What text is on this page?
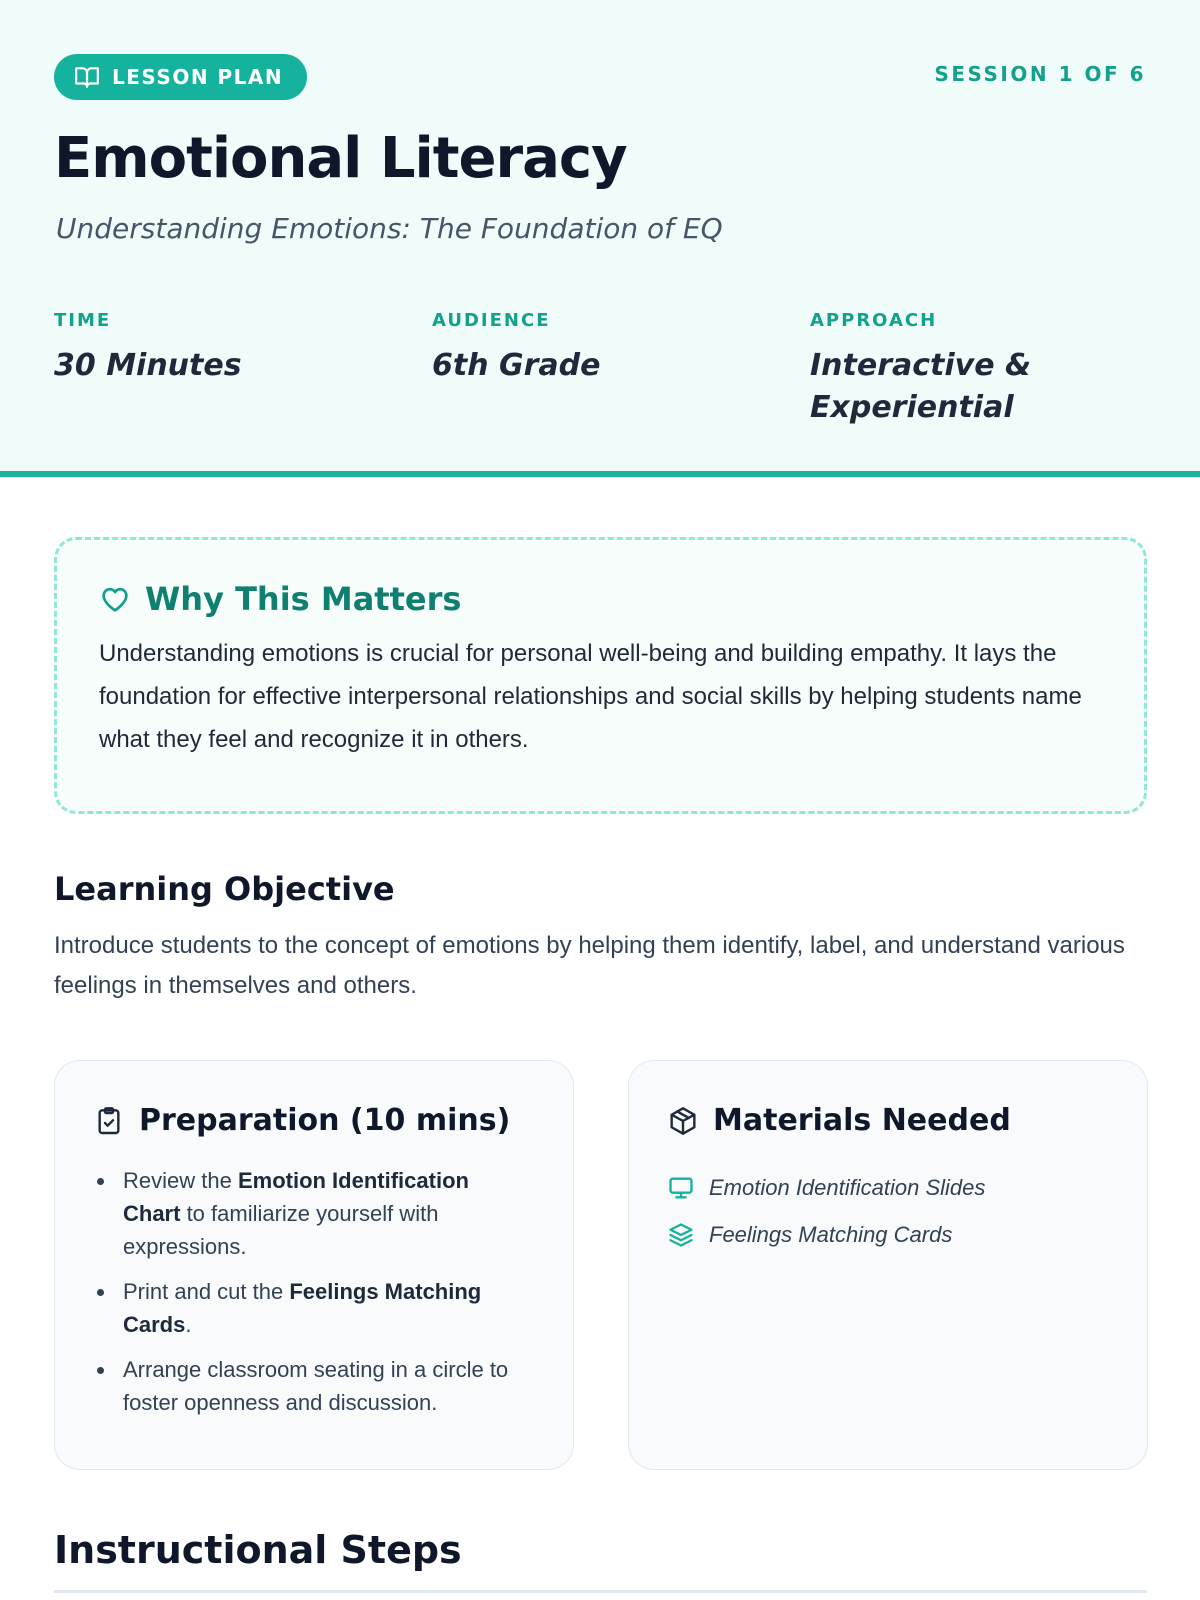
LESSON PLAN	SESSION 1 OF 6
Emotional Literacy
Understanding Emotions: The Foundation of EQ
TIME
30 Minutes
AUDIENCE
6th Grade
APPROACH
Interactive & Experiential
Why This Matters
Understanding emotions is crucial for personal well-being and building empathy. It lays the foundation for effective interpersonal relationships and social skills by helping students name what they feel and recognize it in others.
Learning Objective
Introduce students to the concept of emotions by helping them identify, label, and understand various feelings in themselves and others.
Preparation (10 mins)
Review the Emotion Identification Chart to familiarize yourself with expressions.
Print and cut the Feelings Matching Cards.
Arrange classroom seating in a circle to foster openness and discussion.
Materials Needed
Emotion Identification Slides
Feelings Matching Cards
Instructional Steps
